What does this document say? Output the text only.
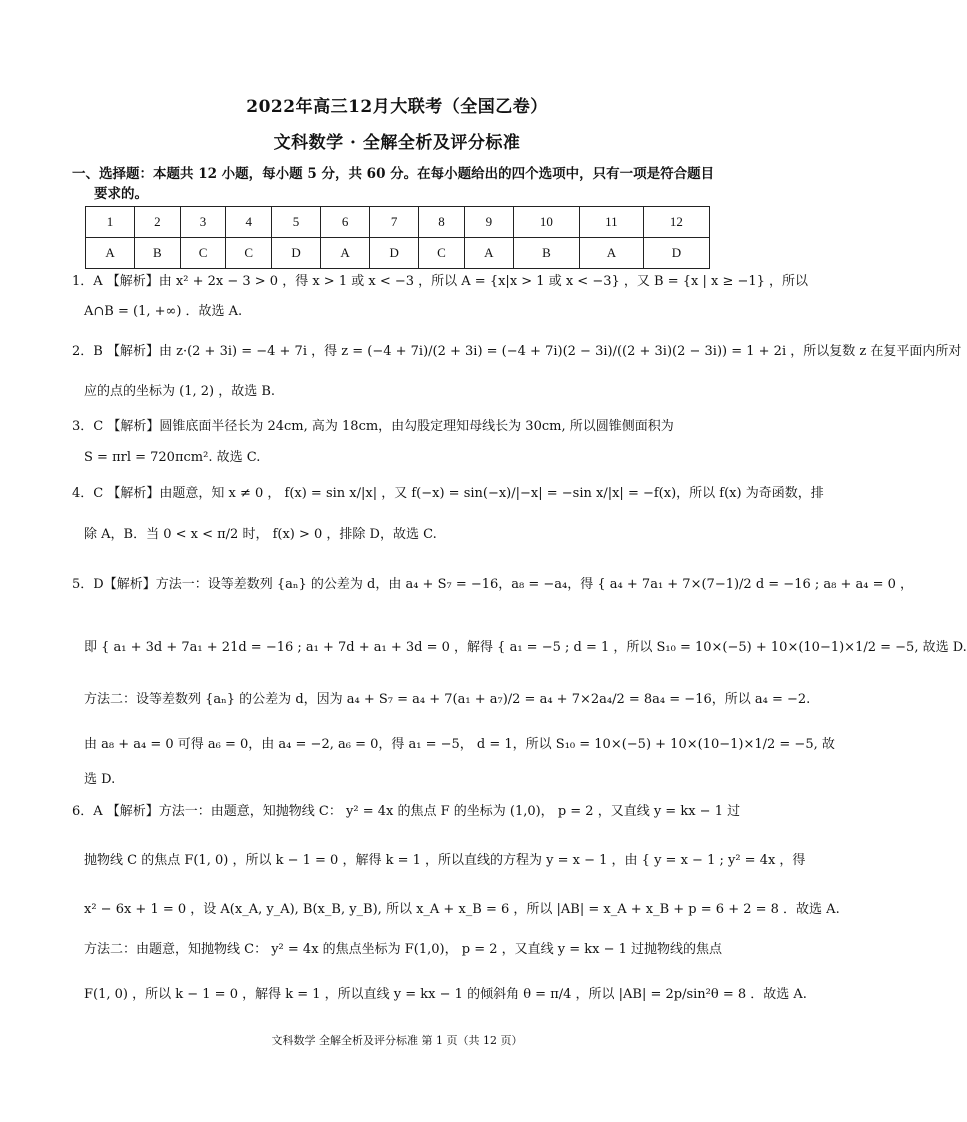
2022年高三12月大联考（全国乙卷）
文科数学 · 全解全析及评分标准
一、选择题：本题共 12 小题，每小题 5 分，共 60 分。在每小题给出的四个选项中，只有一项是符合题目
要求的。
1	2	3	4	5	6	7	8	9	10	11	12
A	B	C	C	D	A	D	C	A	B	A	D
1．A 【解析】由 x² + 2x − 3 > 0 ，得 x > 1 或 x < −3 ，所以 A = {x|x > 1 或 x < −3} ，又 B = {x | x ≥ −1} ，所以
A∩B = (1, +∞) ．故选 A.
2．B 【解析】由 z·(2 + 3i) = −4 + 7i ，得 z = (−4 + 7i)/(2 + 3i) = (−4 + 7i)(2 − 3i)/((2 + 3i)(2 − 3i)) = 1 + 2i ，所以复数 z 在复平面内所对
应的点的坐标为 (1, 2) ，故选 B.
3．C 【解析】圆锥底面半径长为 24cm, 高为 18cm，由勾股定理知母线长为 30cm, 所以圆锥侧面积为
S = πrl = 720πcm². 故选 C.
4．C 【解析】由题意，知 x ≠ 0 ， f(x) = sin x/|x| ，又 f(−x) = sin(−x)/|−x| = −sin x/|x| = −f(x)，所以 f(x) 为奇函数，排
除 A，B．当 0 < x < π/2 时， f(x) > 0 ，排除 D，故选 C.
5．D【解析】方法一：设等差数列 {aₙ} 的公差为 d，由 a₄ + S₇ = −16，a₈ = −a₄，得 { a₄ + 7a₁ + 7×(7−1)/2 d = −16 ; a₈ + a₄ = 0 ，
即 { a₁ + 3d + 7a₁ + 21d = −16 ; a₁ + 7d + a₁ + 3d = 0 ，解得 { a₁ = −5 ; d = 1 ，所以 S₁₀ = 10×(−5) + 10×(10−1)×1/2 = −5, 故选 D.
方法二：设等差数列 {aₙ} 的公差为 d，因为 a₄ + S₇ = a₄ + 7(a₁ + a₇)/2 = a₄ + 7×2a₄/2 = 8a₄ = −16，所以 a₄ = −2.
由 a₈ + a₄ = 0 可得 a₆ = 0，由 a₄ = −2, a₆ = 0，得 a₁ = −5， d = 1，所以 S₁₀ = 10×(−5) + 10×(10−1)×1/2 = −5, 故
选 D.
6．A 【解析】方法一：由题意，知抛物线 C： y² = 4x 的焦点 F 的坐标为 (1,0)， p = 2 ，又直线 y = kx − 1 过
抛物线 C 的焦点 F(1, 0) ，所以 k − 1 = 0 ，解得 k = 1 ，所以直线的方程为 y = x − 1 ，由 { y = x − 1 ; y² = 4x ，得
x² − 6x + 1 = 0 ，设 A(x_A, y_A), B(x_B, y_B), 所以 x_A + x_B = 6 ，所以 |AB| = x_A + x_B + p = 6 + 2 = 8 ．故选 A.
方法二：由题意，知抛物线 C： y² = 4x 的焦点坐标为 F(1,0)， p = 2 ，又直线 y = kx − 1 过抛物线的焦点
F(1, 0) ，所以 k − 1 = 0 ，解得 k = 1 ，所以直线 y = kx − 1 的倾斜角 θ = π/4 ，所以 |AB| = 2p/sin²θ = 8 ．故选 A.
文科数学 全解全析及评分标准 第 1 页（共 12 页）
